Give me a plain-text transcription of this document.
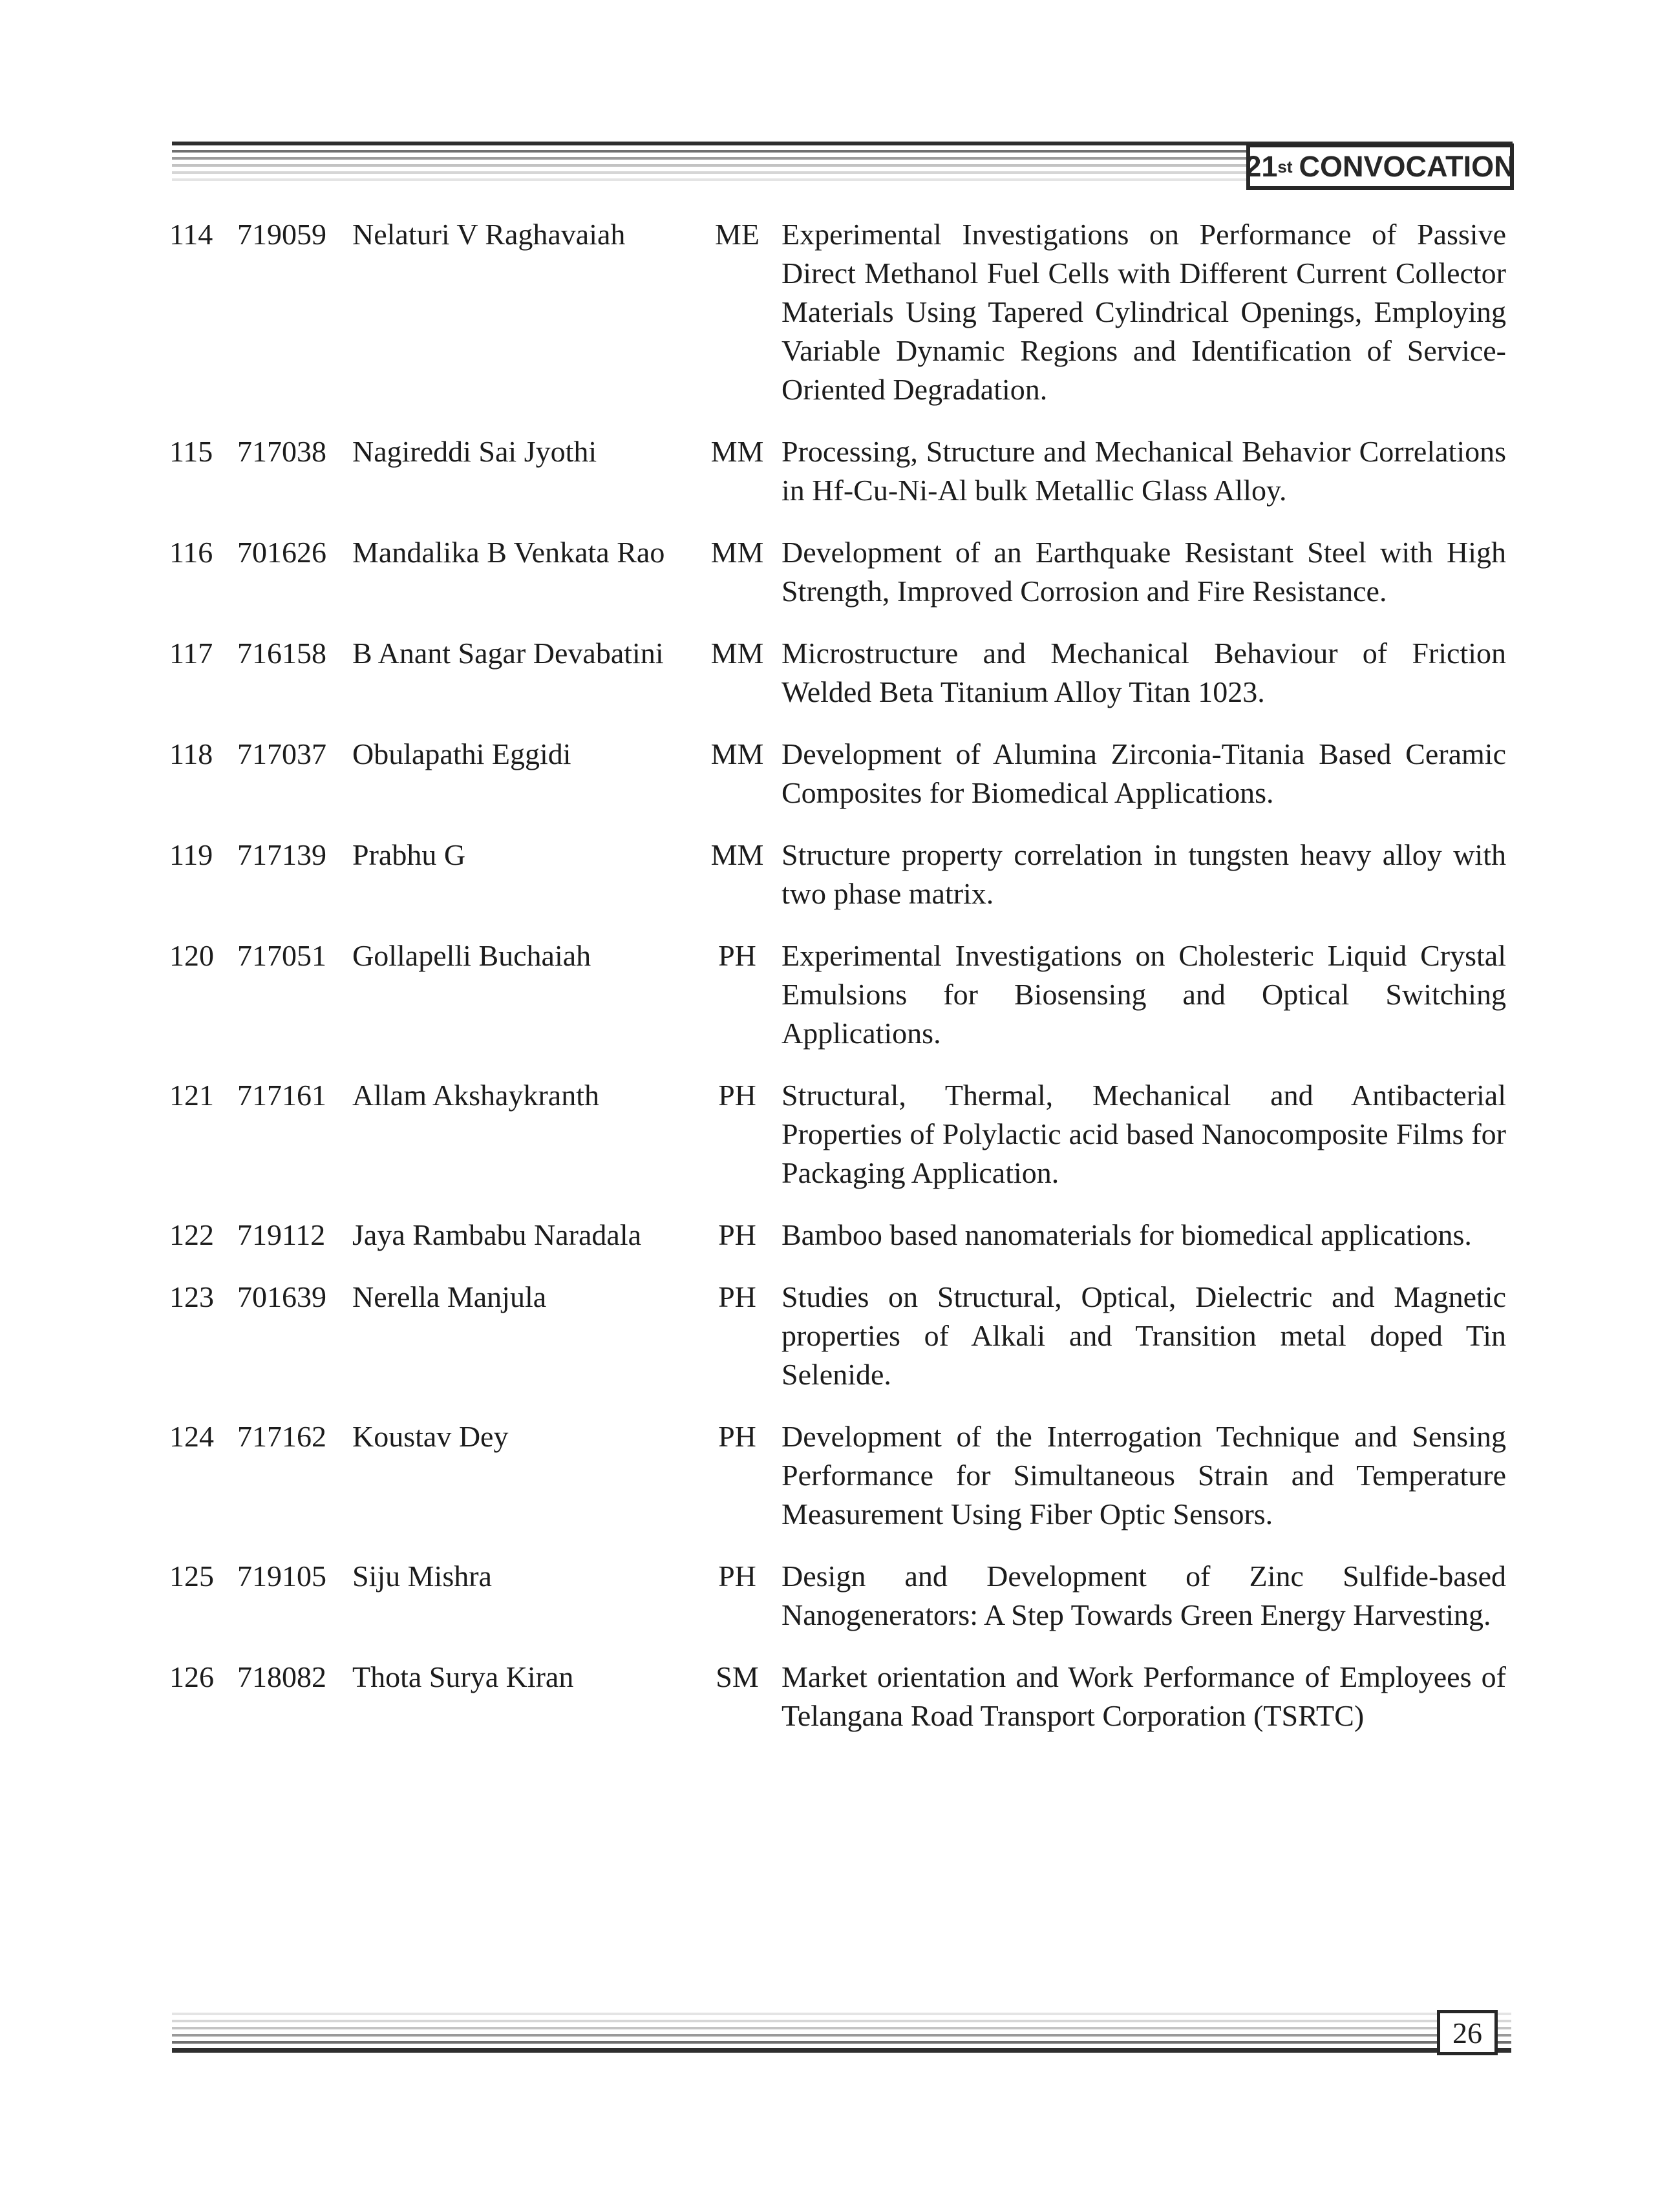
21 st CONVOCATION
114 719059 Nelaturi V Raghavaiah	ME Experimental Investigations on Performance of Passive Direct Methanol Fuel Cells with Different Current Collector Materials Using Tapered Cylindrical Openings, Employing Variable Dynamic Regions and Identification of Service-Oriented Degradation.
115 717038 Nagireddi Sai Jyothi	MM Processing, Structure and Mechanical Behavior Correlations in Hf-Cu-Ni-Al bulk Metallic Glass Alloy.
116 701626 Mandalika B Venkata Rao	MM Development of an Earthquake Resistant Steel with High Strength, Improved Corrosion and Fire Resistance.
117 716158 B Anant Sagar Devabatini	MM Microstructure and Mechanical Behaviour of Friction Welded Beta Titanium Alloy Titan 1023.
118 717037 Obulapathi Eggidi	MM Development of Alumina Zirconia-Titania Based Ceramic Composites for Biomedical Applications.
119 717139 Prabhu G	MM Structure property correlation in tungsten heavy alloy with two phase matrix.
120 717051 Gollapelli Buchaiah	PH Experimental Investigations on Cholesteric Liquid Crystal Emulsions for Biosensing and Optical Switching Applications.
121 717161 Allam Akshaykranth	PH Structural, Thermal, Mechanical and Antibacterial Properties of Polylactic acid based Nanocomposite Films for Packaging Application.
122 719112 Jaya Rambabu Naradala	PH Bamboo based nanomaterials for biomedical applications.
123 701639 Nerella Manjula	PH Studies on Structural, Optical, Dielectric and Magnetic properties of Alkali and Transition metal doped Tin Selenide.
124 717162 Koustav Dey	PH Development of the Interrogation Technique and Sensing Performance for Simultaneous Strain and Temperature Measurement Using Fiber Optic Sensors.
125 719105 Siju Mishra	PH Design and Development of Zinc Sulfide-based Nanogenerators: A Step Towards Green Energy Harvesting.
126 718082 Thota Surya Kiran	SM Market orientation and Work Performance of Employees of Telangana Road Transport Corporation (TSRTC)
26
